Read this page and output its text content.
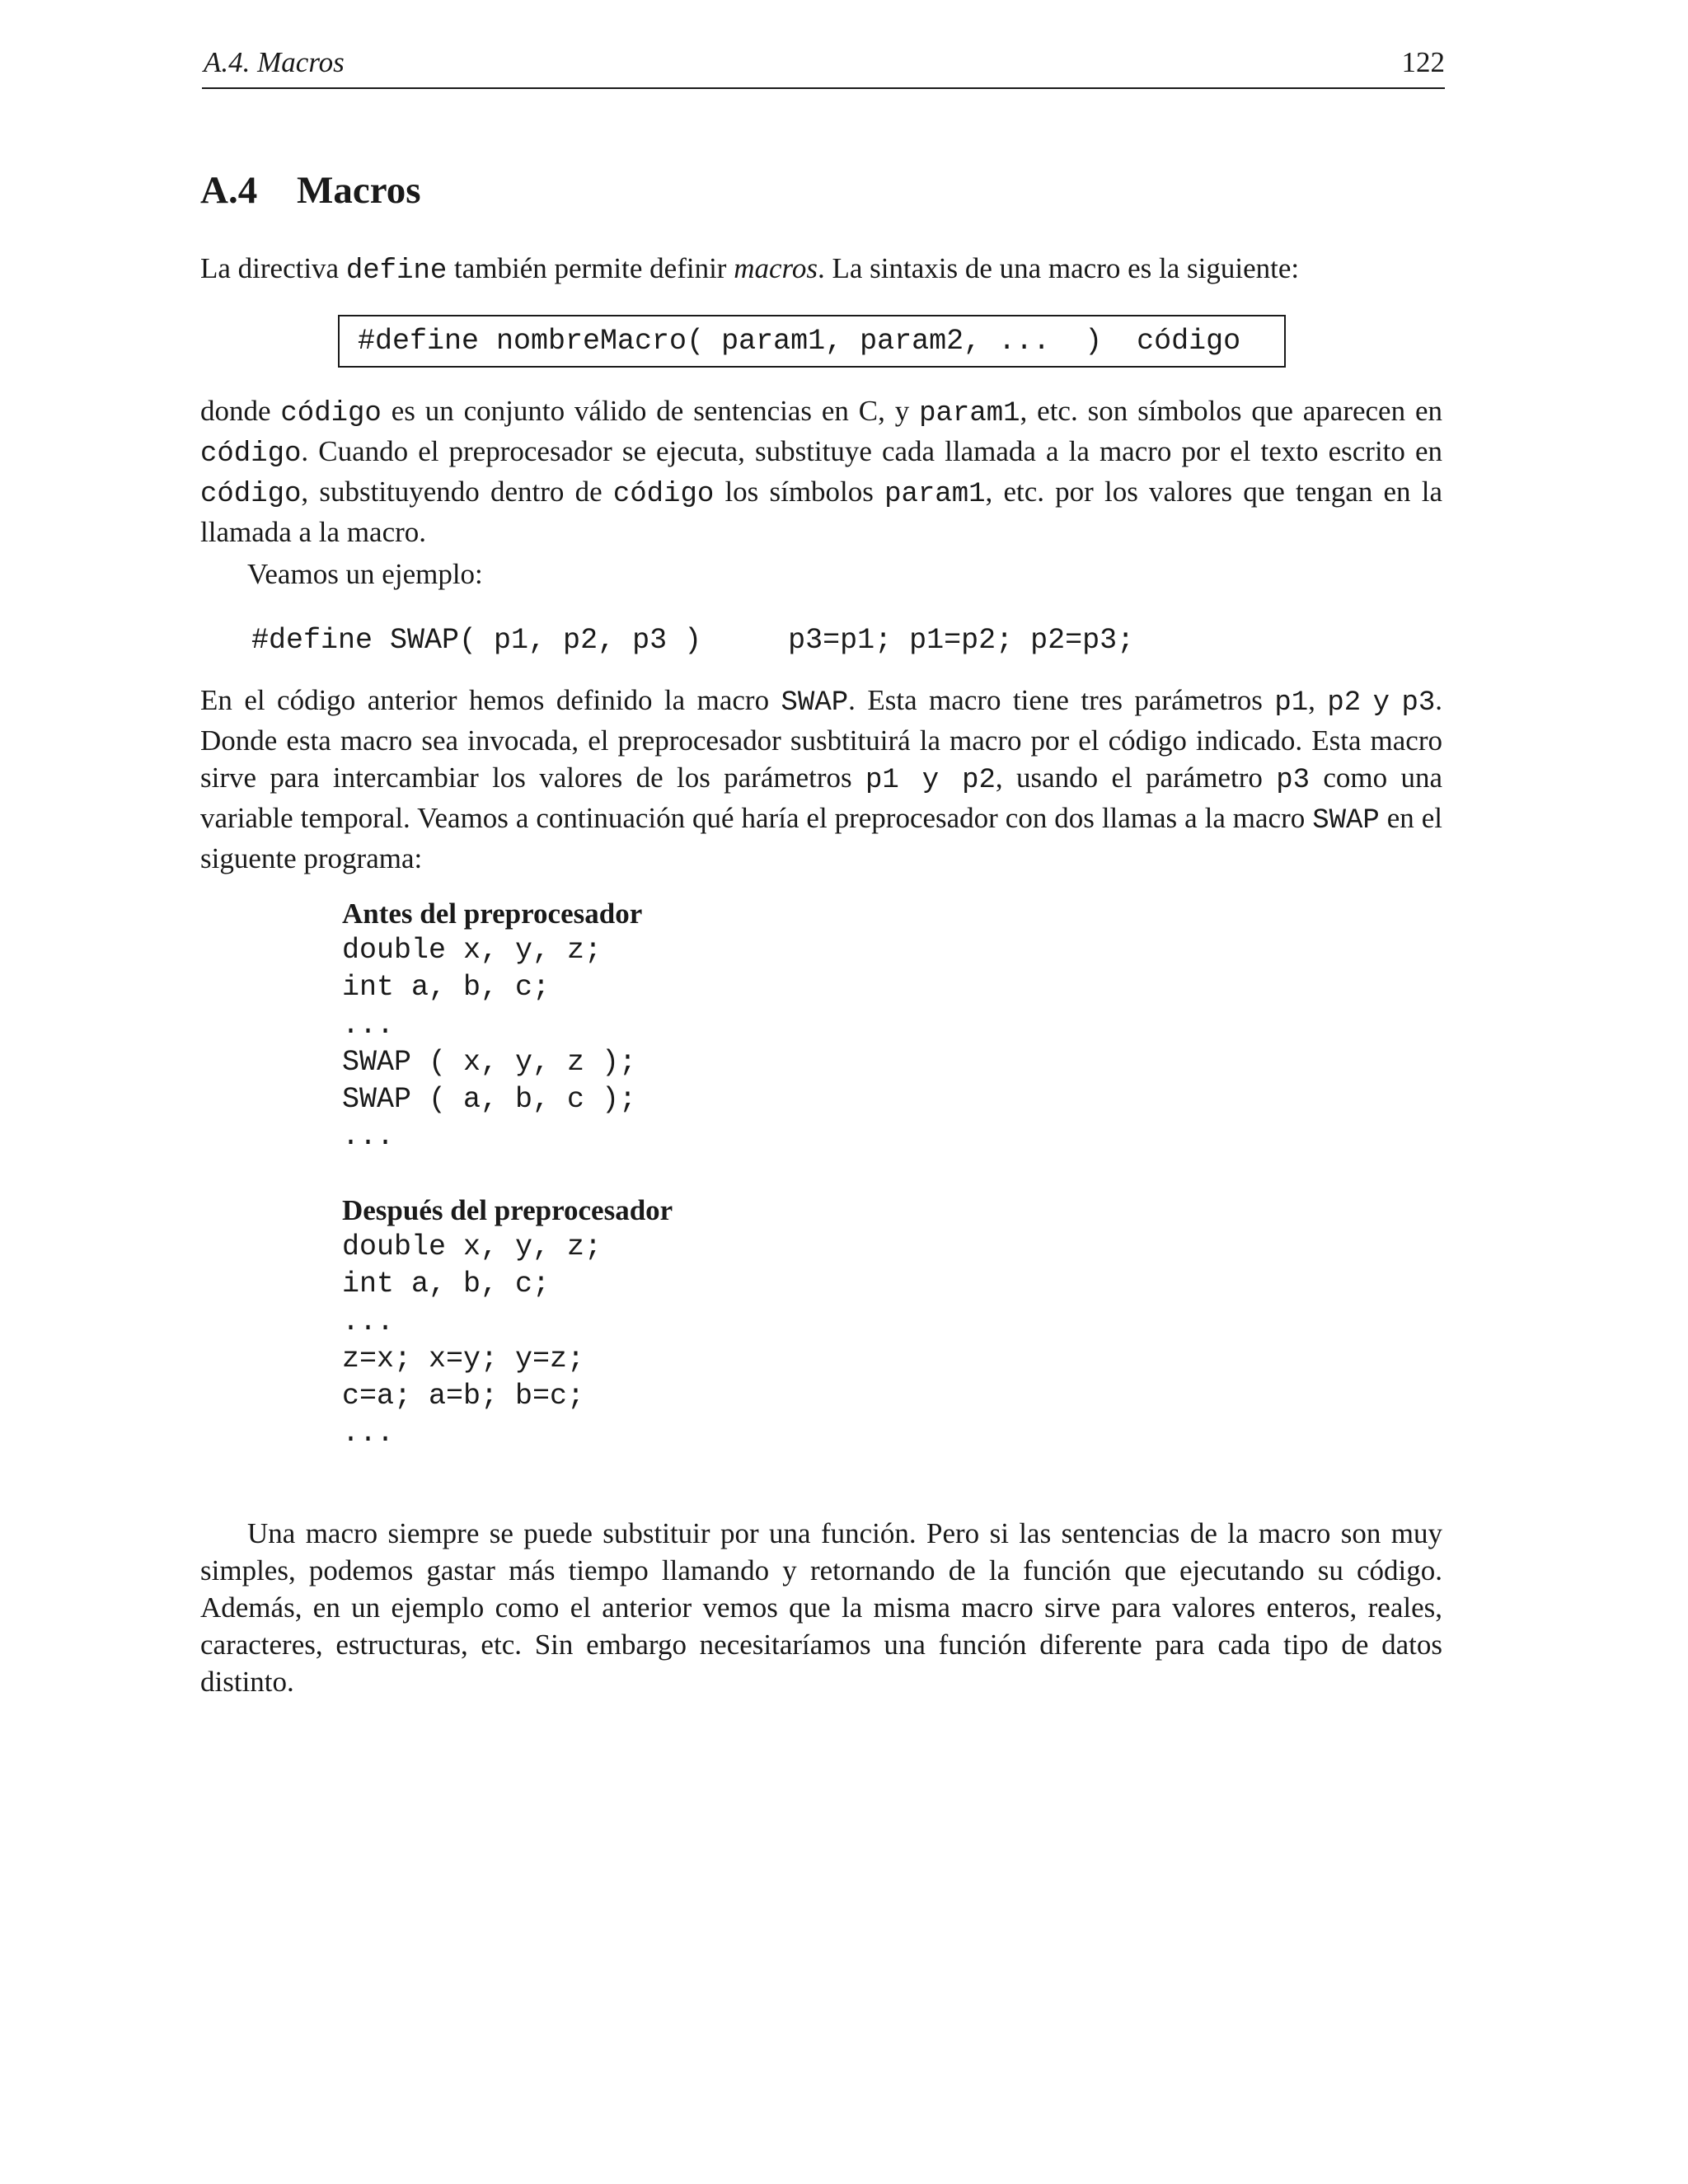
A.4. Macros	122
A.4 Macros
La directiva define también permite definir macros. La sintaxis de una macro es la siguiente:
#define nombreMacro( param1, param2, ...  )  código
donde código es un conjunto válido de sentencias en C, y param1, etc. son símbolos que aparecen en código. Cuando el preprocesador se ejecuta, substituye cada llamada a la macro por el texto escrito en código, substituyendo dentro de código los símbolos param1, etc. por los valores que tengan en la llamada a la macro.
Veamos un ejemplo:
#define SWAP( p1, p2, p3 )     p3=p1; p1=p2; p2=p3;
En el código anterior hemos definido la macro SWAP. Esta macro tiene tres parámetros p1, p2 y p3. Donde esta macro sea invocada, el preprocesador susbtituirá la macro por el código indicado. Esta macro sirve para intercambiar los valores de los parámetros p1 y p2, usando el parámetro p3 como una variable temporal. Veamos a continuación qué haría el preprocesador con dos llamas a la macro SWAP en el siguente programa:
Antes del preprocesador
double x, y, z;
int a, b, c;
...
SWAP ( x, y, z );
SWAP ( a, b, c );
...
Después del preprocesador
double x, y, z;
int a, b, c;
...
z=x; x=y; y=z;
c=a; a=b; b=c;
...
Una macro siempre se puede substituir por una función. Pero si las sentencias de la macro son muy simples, podemos gastar más tiempo llamando y retornando de la función que ejecutando su código. Además, en un ejemplo como el anterior vemos que la misma macro sirve para valores enteros, reales, caracteres, estructuras, etc. Sin embargo necesitaríamos una función diferente para cada tipo de datos distinto.
